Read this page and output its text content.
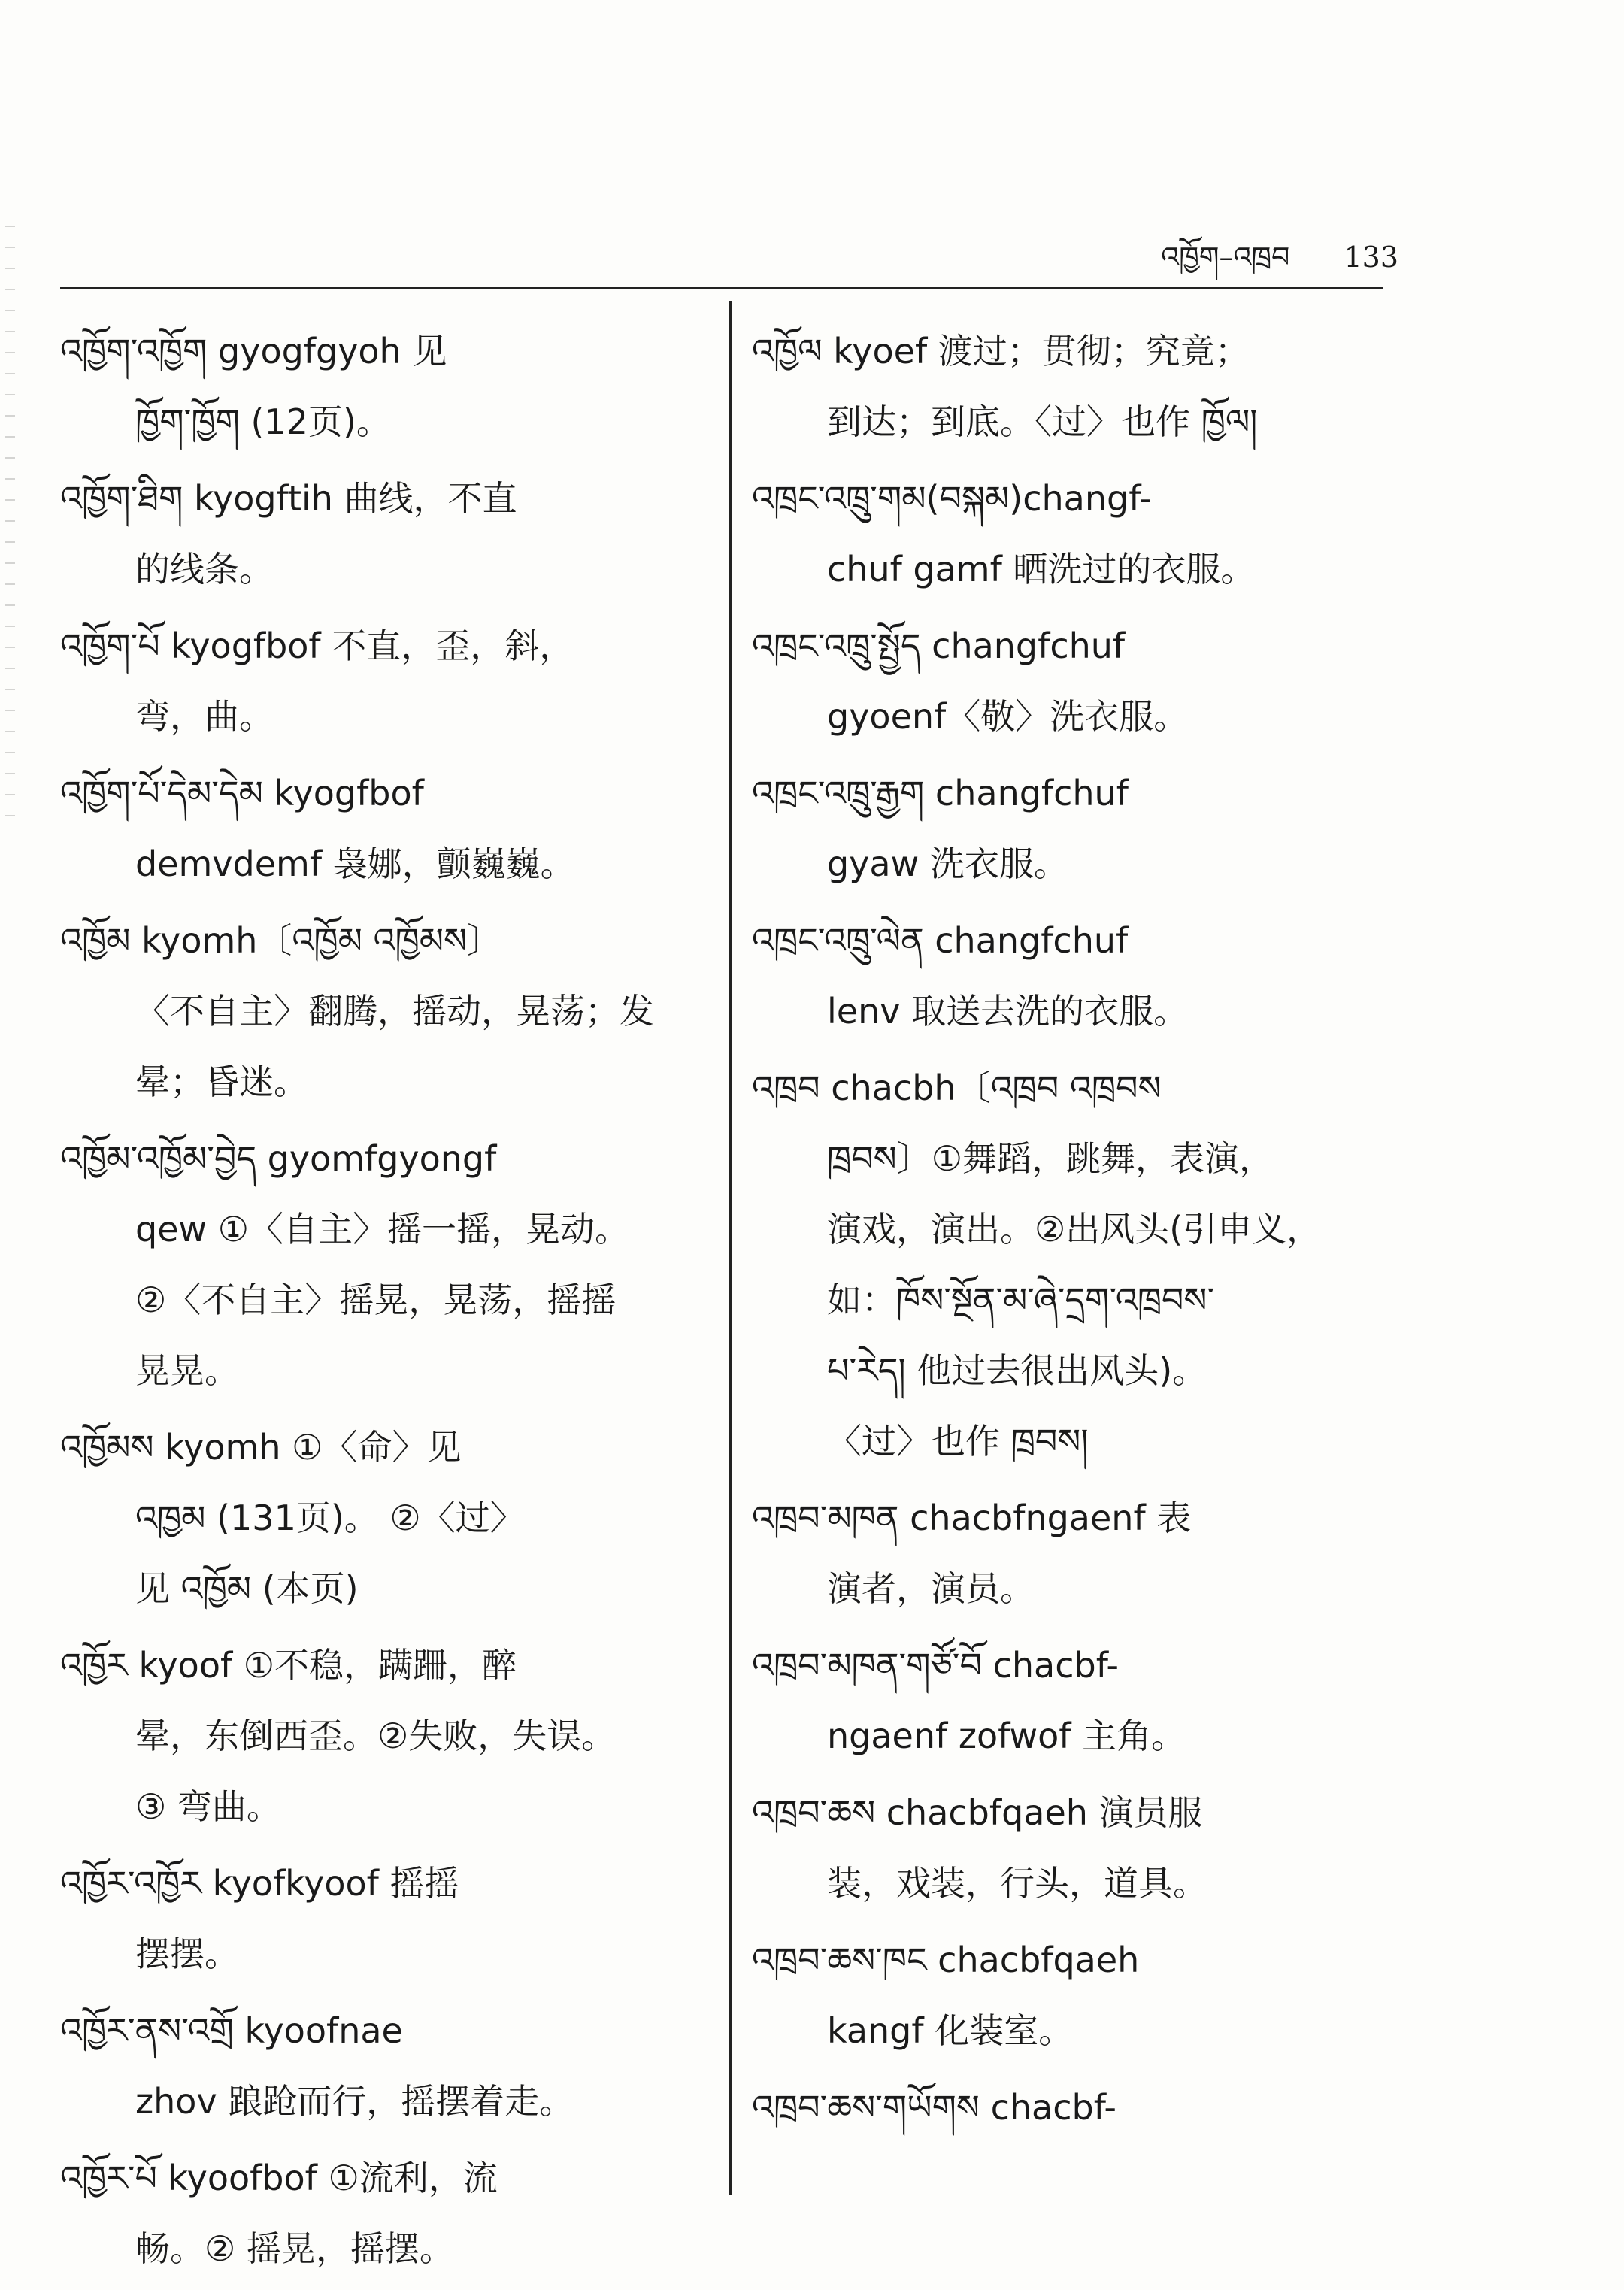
འཁྱོག–འཁྲབ 133
འཁྱོག་འཁྱོག gyogfgyoh 见

ཁྱོག་ཁྱོག (12页)。
འཁྱོག་ཐིག kyogftih 曲线，不直

的线条。
འཁྱོག་པོ kyogfbof 不直，歪，斜，

弯，曲。
འཁྱོག་པོ་དེམ་དེམ kyogfbof

demvdemf 袅娜，颤巍巍。
འཁྱོམ kyomh〔འཁྱོམ འཁྱོམས〕

〈不自主〉翻腾，摇动，晃荡；发
晕；昏迷。
འཁྱོམ་འཁྱོམ་བྱེད gyomfgyongf

qew ①〈自主〉摇一摇，晃动。
②〈不自主〉摇晃，晃荡，摇摇
晃晃。
འཁྱོམས kyomh ①〈命〉见

འཁྱམ (131页)。 ②〈过〉
见 འཁྱོམ (本页)
འཁྱོར kyoof ①不稳，蹒跚，醉

晕，东倒西歪。②失败，失误。
③ 弯曲。
འཁྱོར་འཁྱོར kyofkyoof 摇摇

摆摆。
འཁྱོར་ནས་འགྲོ kyoofnae

zhov 踉跄而行，摇摆着走。
འཁྱོར་པོ kyoofbof ①流利，流

畅。② 摇晃，摇摆。
འཁྱོལ kyoef 渡过；贯彻；究竟；

到达；到底。〈过〉也作 ཁྱོལ།
འཁྲང་འཁྲུ་གམ(བསྐམ)changf-

chuf gamf 晒洗过的衣服。
འཁྲང་འཁྲུ་སྤྱོད changfchuf

gyoenf〈敬〉洗衣服。
འཁྲང་འཁྲུ་རྒྱག changfchuf

gyaw 洗衣服。
འཁྲང་འཁྲུ་ལེན changfchuf

lenv 取送去洗的衣服。
འཁྲབ chacbh〔འཁྲབ འཁྲབས

ཁྲབས〕①舞蹈，跳舞，表演，
演戏，演出。②出风头(引申义，
如：ཁོས་སྔོན་མ་ཞེ་དྲག་འཁྲབས་
པ་རེད། 他过去很出风头)。
〈过〉也作 ཁྲབས།
འཁྲབ་མཁན chacbfngaenf 表

演者，演员。
འཁྲབ་མཁན་གཙོ་བོ chacbf-

ngaenf zofwof 主角。
འཁྲབ་ཆས chacbfqaeh 演员服

装，戏装，行头，道具。
འཁྲབ་ཆས་ཁང chacbfqaeh

kangf 化装室。
འཁྲབ་ཆས་གཡོགས chacbf-
